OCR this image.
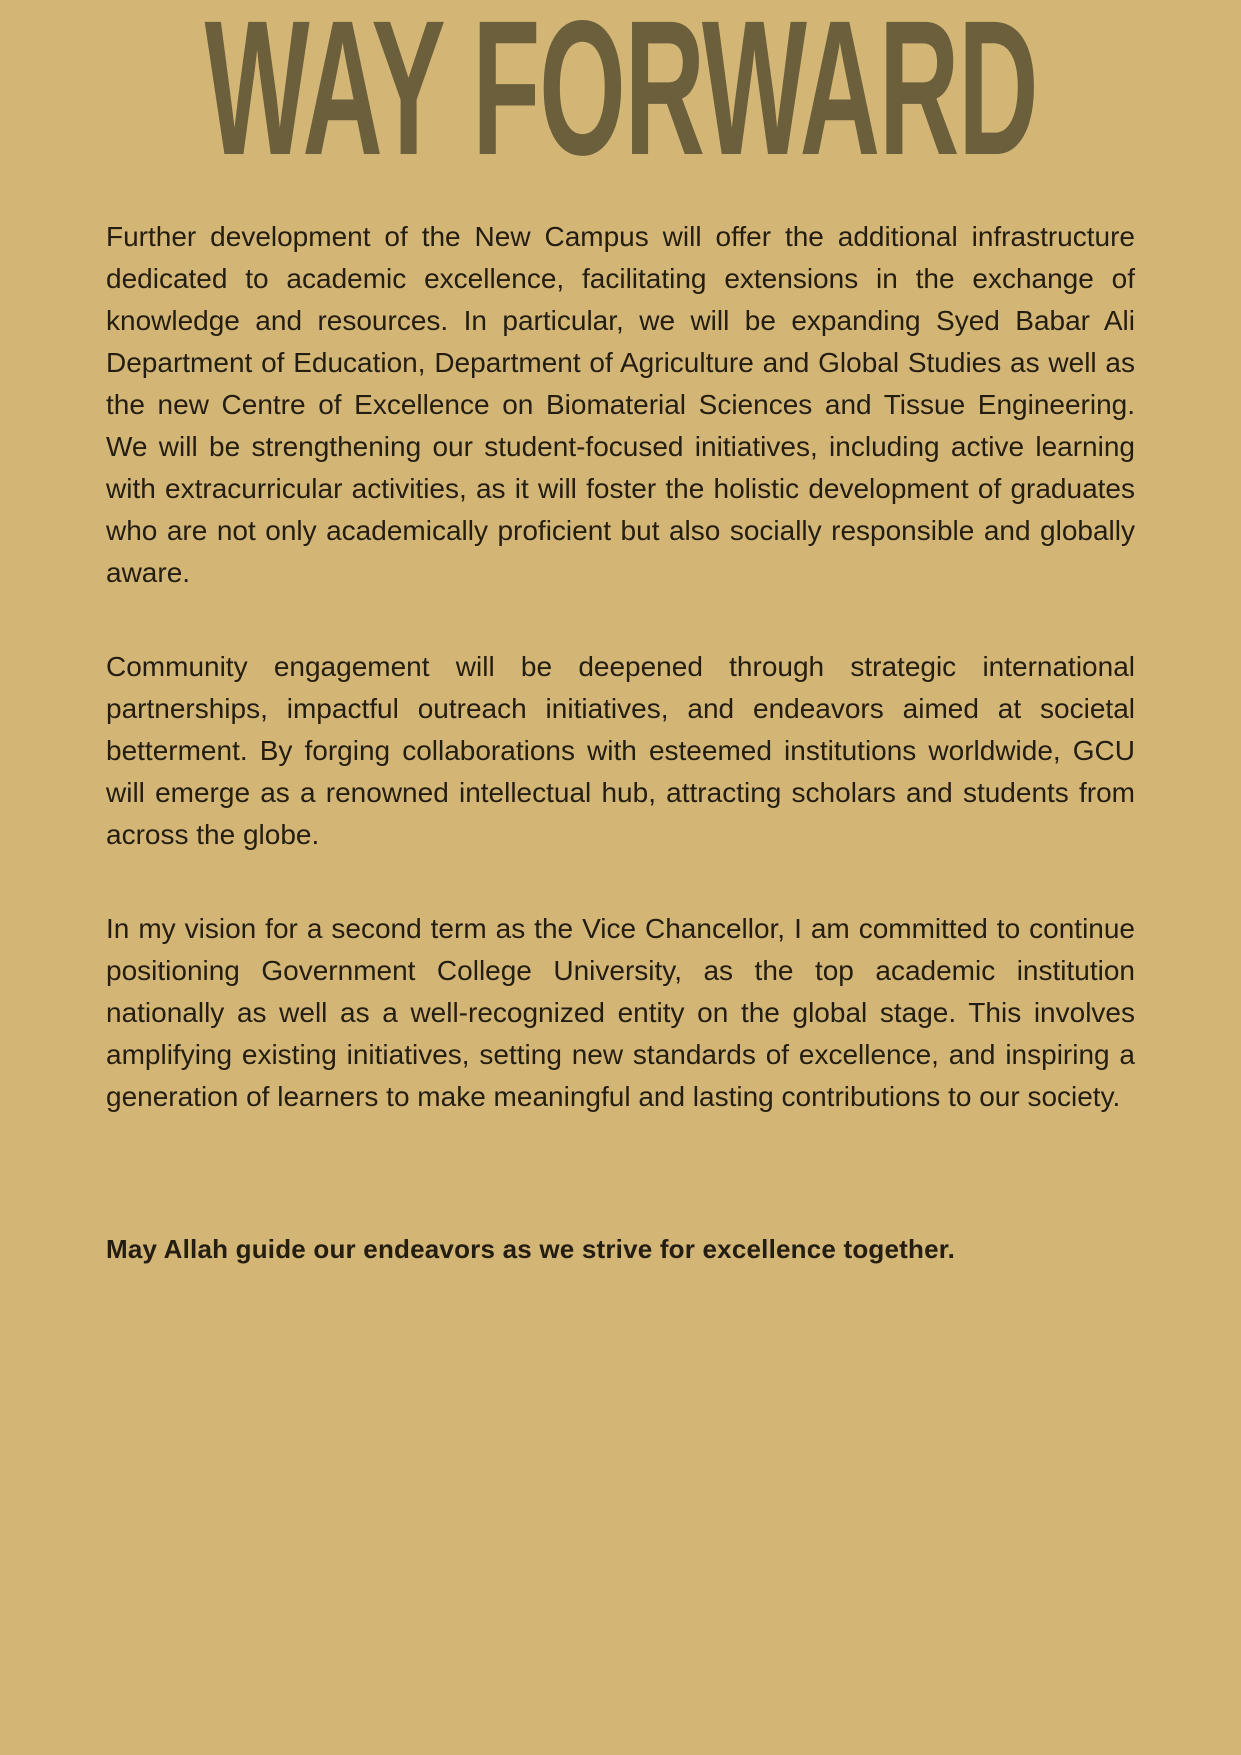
WAY FORWARD

Further development of the New Campus will offer the additional infrastructure dedicated to academic excellence, facilitating extensions in the exchange of knowledge and resources. In particular, we will be expanding Syed Babar Ali Department of Education, Department of Agriculture and Global Studies as well as the new Centre of Excellence on Biomaterial Sciences and Tissue Engineering. We will be strengthening our student-focused initiatives, including active learning with extracurricular activities, as it will foster the holistic development of graduates who are not only academically proficient but also socially responsible and globally aware.

Community engagement will be deepened through strategic international partnerships, impactful outreach initiatives, and endeavors aimed at societal betterment. By forging collaborations with esteemed institutions worldwide, GCU will emerge as a renowned intellectual hub, attracting scholars and students from across the globe.

In my vision for a second term as the Vice Chancellor, I am committed to continue positioning Government College University, as the top academic institution nationally as well as a well-recognized entity on the global stage. This involves amplifying existing initiatives, setting new standards of excellence, and inspiring a generation of learners to make meaningful and lasting contributions to our society.

May Allah guide our endeavors as we strive for excellence together.
